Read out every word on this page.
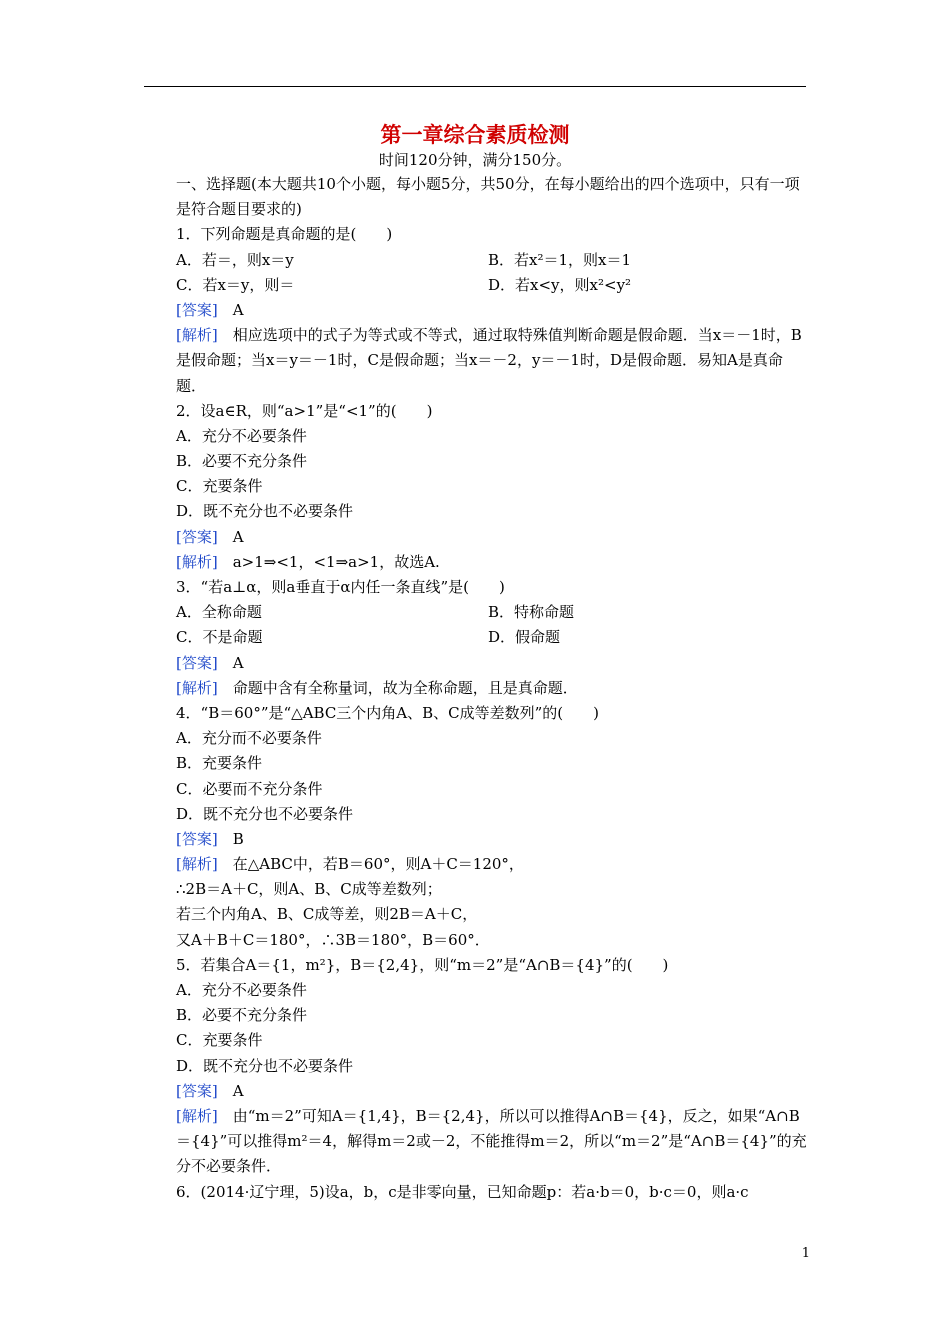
第一章综合素质检测
时间120分钟，满分150分。
一、选择题(本大题共10个小题，每小题5分，共50分，在每小题给出的四个选项中，只有一项是符合题目要求的)
1．下列命题是真命题的是(　　)
A．若＝，则x＝y	B．若x²＝1，则x＝1
C．若x＝y，则＝	D．若x<y，则x²<y²
[答案]　 A
[解析]　 相应选项中的式子为等式或不等式，通过取特殊值判断命题是假命题．当x＝－1时，B是假命题；当x＝y＝－1时，C是假命题；当x＝－2，y＝－1时，D是假命题．易知A是真命题．
2．设a∈R，则“a>1”是“<1”的(　　)
A．充分不必要条件
B．必要不充分条件
C．充要条件
D．既不充分也不必要条件
[答案]　 A
[解析]　 a>1⇒<1，<1⇒a>1，故选A.
3．“若a⊥α，则a垂直于α内任一条直线”是(　　)
A．全称命题	B．特称命题
C．不是命题	D．假命题
[答案]　 A
[解析]　 命题中含有全称量词，故为全称命题，且是真命题．
4．“B＝60°”是“△ABC三个内角A、B、C成等差数列”的(　　)
A．充分而不必要条件
B．充要条件
C．必要而不充分条件
D．既不充分也不必要条件
[答案]　 B
[解析]　 在△ABC中，若B＝60°，则A＋C＝120°，
∴2B＝A＋C，则A、B、C成等差数列；
若三个内角A、B、C成等差，则2B＝A＋C，
又A＋B＋C＝180°，∴3B＝180°，B＝60°．
5．若集合A＝{1，m²}，B＝{2,4}，则“m＝2”是“A∩B＝{4}”的(　　)
A．充分不必要条件
B．必要不充分条件
C．充要条件
D．既不充分也不必要条件
[答案]　 A
[解析]　 由“m＝2”可知A＝{1,4}，B＝{2,4}，所以可以推得A∩B＝{4}，反之，如果“A∩B＝{4}”可以推得m²＝4，解得m＝2或－2，不能推得m＝2，所以“m＝2”是“A∩B＝{4}”的充分不必要条件．
6．(2014·辽宁理，5)设a，b，c是非零向量，已知命题p：若a·b＝0，b·c＝0，则a·c
1
